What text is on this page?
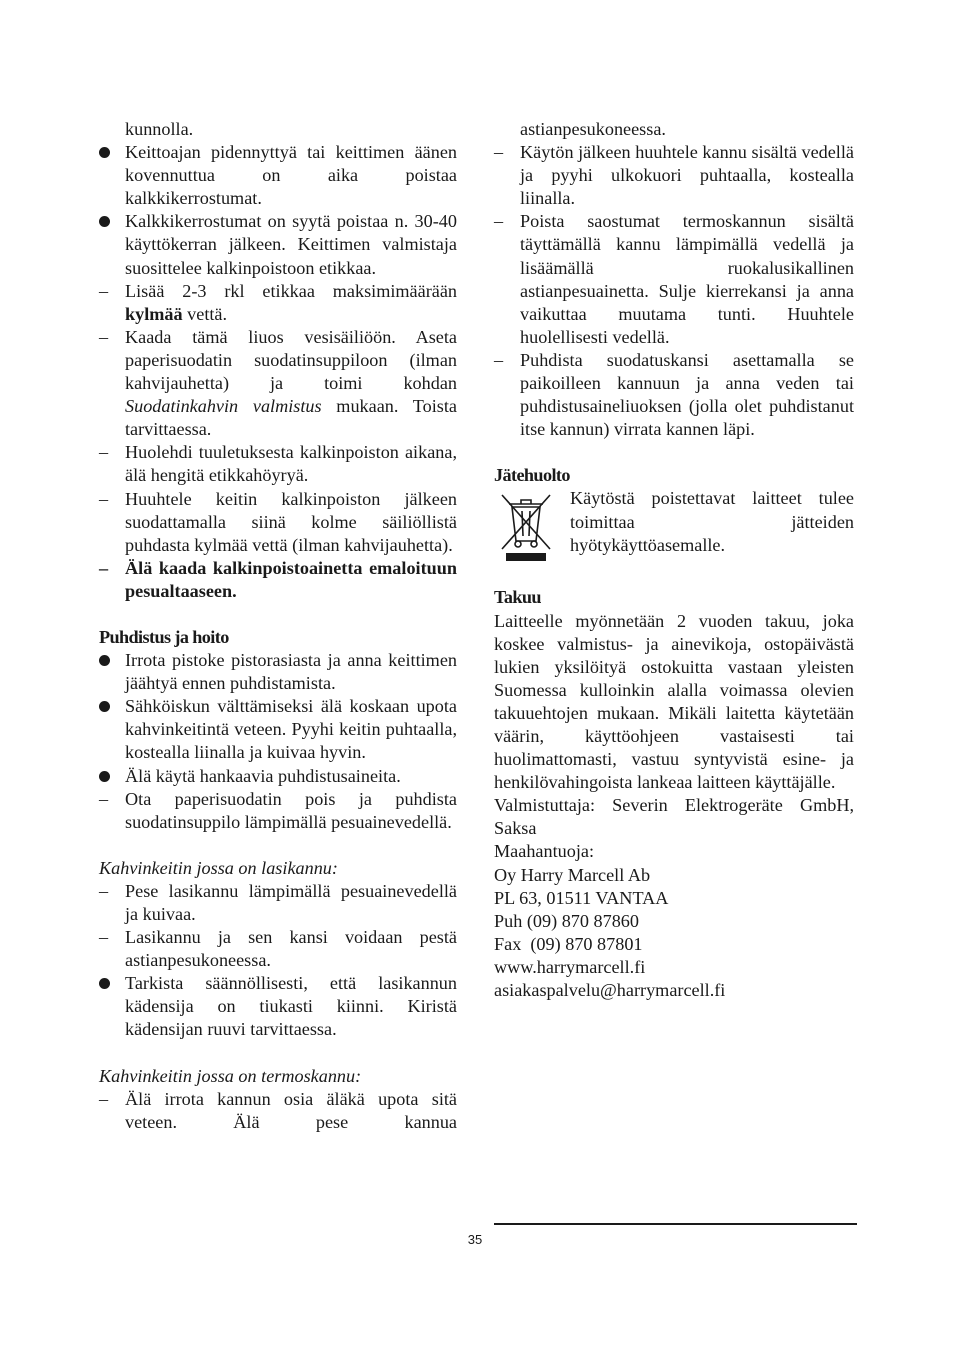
kunnolla.
Keittoajan pidennyttyä tai keittimen äänen kovennuttua on aika poistaa kalkkikerrostumat.
Kalkkikerrostumat on syytä poistaa n. 30-40 käyttökerran jälkeen. Keittimen valmistaja suosittelee kalkinpoistoon etikkaa.
Lisää 2-3 rkl etikkaa maksimimäärään kylmää vettä.
Kaada tämä liuos vesisäiliöön. Aseta paperisuodatin suodatinsuppiloon (ilman kahvijauhetta) ja toimi kohdan Suodatinkahvin valmistus mukaan. Toista tarvittaessa.
Huolehdi tuuletuksesta kalkinpoiston aikana, älä hengitä etikkahöyryä.
Huuhtele keitin kalkinpoiston jälkeen suodattamalla siinä kolme säiliöllistä puhdasta kylmää vettä (ilman kahvijauhetta).
Älä kaada kalkinpoistoainetta emaloituun pesualtaaseen.
Puhdistus ja hoito
Irrota pistoke pistorasiasta ja anna keittimen jäähtyä ennen puhdistamista.
Sähköiskun välttämiseksi älä koskaan upota kahvinkeitintä veteen. Pyyhi keitin puhtaalla, kostealla liinalla ja kuivaa hyvin.
Älä käytä hankaavia puhdistusaineita.
Ota paperisuodatin pois ja puhdista suodatinsuppilo lämpimällä pesuainevedellä.
Kahvinkeitin jossa on lasikannu:
Pese lasikannu lämpimällä pesuainevedellä ja kuivaa.
Lasikannu ja sen kansi voidaan pestä astianpesukoneessa.
Tarkista säännöllisesti, että lasikannun kädensija on tiukasti kiinni. Kiristä kädensijan ruuvi tarvittaessa.
Kahvinkeitin jossa on termoskannu:
Älä irrota kannun osia äläkä upota sitä veteen. Älä pese kannua
astianpesukoneessa.
Käytön jälkeen huuhtele kannu sisältä vedellä ja pyyhi ulkokuori puhtaalla, kostealla liinalla.
Poista saostumat termoskannun sisältä täyttämällä kannu lämpimällä vedellä ja lisäämällä ruokalusikallinen astianpesuainetta. Sulje kierrekansi ja anna vaikuttaa muutama tunti. Huuhtele huolellisesti vedellä.
Puhdista suodatuskansi asettamalla se paikoilleen kannuun ja anna veden tai puhdistusaineliuoksen (jolla olet puhdistanut itse kannun) virrata kannen läpi.
Jätehuolto
Käytöstä poistettavat laitteet tulee toimittaa jätteiden hyötykäyttöasemalle.
Takuu
Laitteelle myönnetään 2 vuoden takuu, joka koskee valmistus- ja ainevikoja, ostopäivästä lukien yksilöityä ostokuitta vastaan yleisten Suomessa kulloinkin alalla voimassa olevien takuuehtojen mukaan. Mikäli laitetta käytetään väärin, käyttöohjeen vastaisesti tai huolimattomasti, vastuu syntyvistä esine- ja henkilövahingoista lankeaa laitteen käyttäjälle.
Valmistuttaja: Severin Elektrogeräte GmbH, Saksa
Maahantuoja:
Oy Harry Marcell Ab
PL 63, 01511 VANTAA
Puh (09) 870 87860
Fax  (09) 870 87801
www.harrymarcell.fi
asiakaspalvelu@harrymarcell.fi
35
